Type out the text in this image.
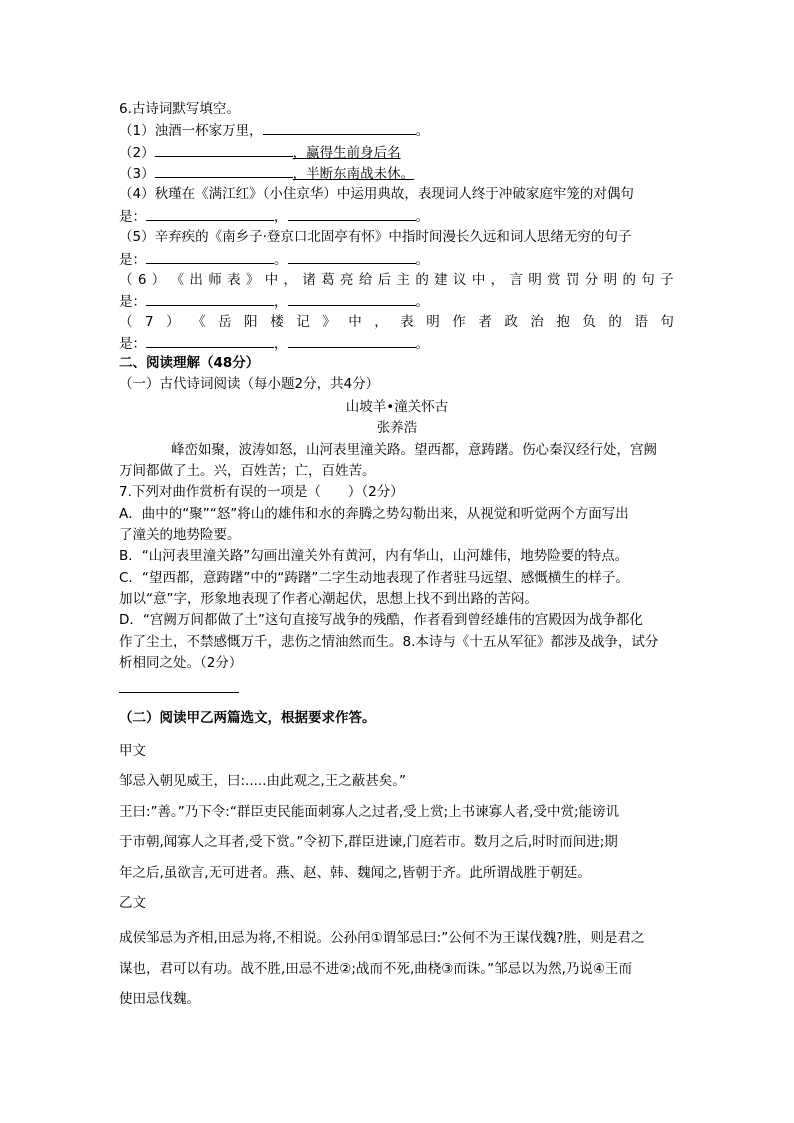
6.古诗词默写填空。
（1）浊酒一杯家万里，	。
（2）	，赢得生前身后名
（3）	，半断东南战未休。
（4）秋瑾在《满江红》（小住京华）中运用典故，表现词人终于冲破家庭牢笼的对偶句
是：	，	。
（5）辛弃疾的《南乡子·登京口北固亭有怀》中指时间漫长久远和词人思绪无穷的句子
是：	。	。
（ 6 ） 《 出 师 表 》 中 ， 诸 葛 亮 给 后 主 的 建 议 中 ， 言 明 赏 罚 分 明 的 句 子
是：	，	。
（ 7 ） 《 岳 阳 楼 记 》 中 ， 表 明 作 者 政 治 抱 负 的 语 句
是：	，	。
二、阅读理解（48分）
（一）古代诗词阅读（每小题2分，共4分）
山坡羊•潼关怀古
张养浩
峰峦如聚，波涛如怒，山河表里潼关路。望西都，意踌躇。伤心秦汉经行处，宫阙
万间都做了土。兴，百姓苦；亡，百姓苦。
7.下列对曲作赏析有误的一项是（　　）（2分）
A．曲中的“聚”“怒”将山的雄伟和水的奔腾之势勾勒出来，从视觉和听觉两个方面写出
了潼关的地势险要。
B．“山河表里潼关路”勾画出潼关外有黄河，内有华山，山河雄伟，地势险要的特点。
C．“望西都，意踌躇”中的“踌躇”二字生动地表现了作者驻马远望、感慨横生的样子。
加以“意”字，形象地表现了作者心潮起伏，思想上找不到出路的苦闷。
D．“宫阙万间都做了土”这句直接写战争的残酷，作者看到曾经雄伟的宫殿因为战争都化
作了尘土，不禁感慨万千，悲伤之情油然而生。8.本诗与《十五从军征》都涉及战争，试分
析相同之处。（2分）
（二）阅读甲乙两篇选文，根据要求作答。
甲文
邹忌入朝见威王，曰:.....由此观之,王之蔽甚矣。”
王曰:”善。”乃下令:“群臣吏民能面刺寡人之过者,受上赏;上书谏寡人者,受中赏;能谤讥
于市朝,闻寡人之耳者,受下赏。”令初下,群臣进谏,门庭若市。数月之后,时时而间进;期
年之后,虽欲言,无可进者。燕、赵、韩、魏闻之,皆朝于齐。此所谓战胜于朝廷。
乙文
成侯邹忌为齐相,田忌为将,不相说。公孙闬①谓邹忌曰:”公何不为王谋伐魏?胜，则是君之
谋也，君可以有功。战不胜,田忌不进②;战而不死,曲桡③而诛。”邹忌以为然,乃说④王而
使田忌伐魏。
